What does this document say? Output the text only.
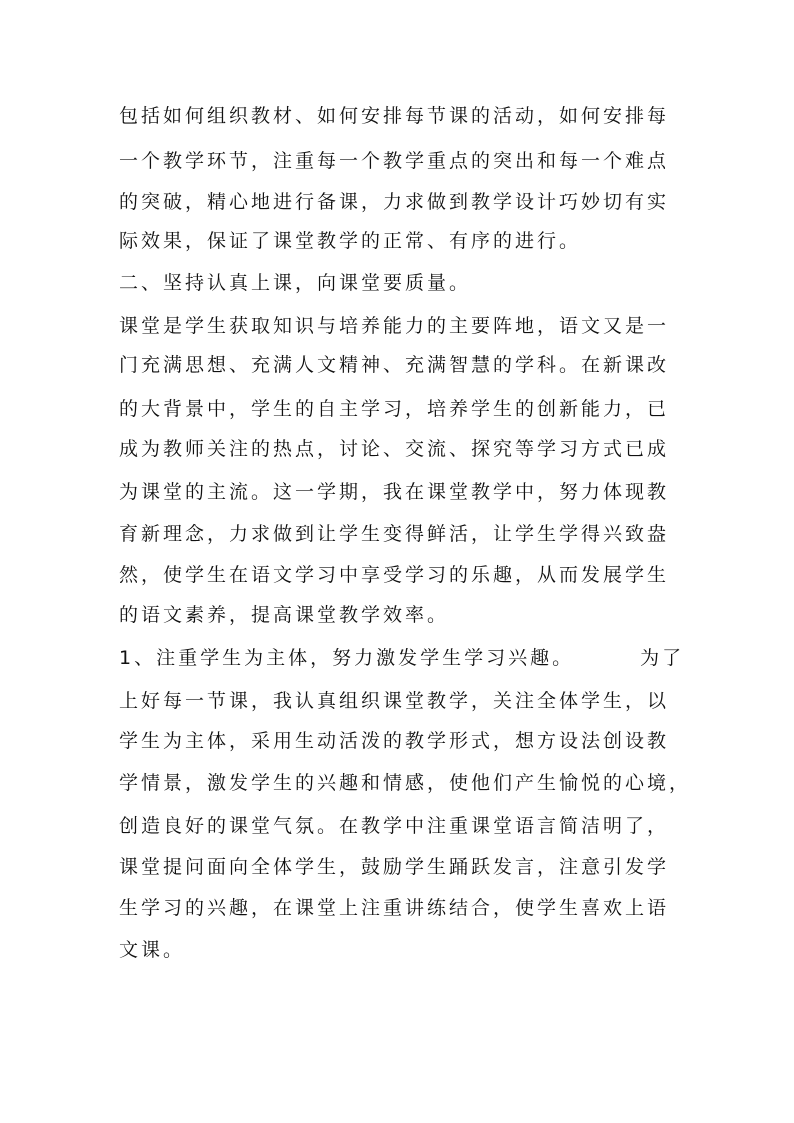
包括如何组织教材、如何安排每节课的活动，如何安排每
一个教学环节，注重每一个教学重点的突出和每一个难点
的突破，精心地进行备课，力求做到教学设计巧妙切有实
际效果，保证了课堂教学的正常、有序的进行。
二、坚持认真上课，向课堂要质量。
课堂是学生获取知识与培养能力的主要阵地，语文又是一
门充满思想、充满人文精神、充满智慧的学科。在新课改
的大背景中，学生的自主学习，培养学生的创新能力，已
成为教师关注的热点，讨论、交流、探究等学习方式已成
为课堂的主流。这一学期，我在课堂教学中，努力体现教
育新理念，力求做到让学生变得鲜活，让学生学得兴致盎
然，使学生在语文学习中享受学习的乐趣，从而发展学生
的语文素养，提高课堂教学效率。
1、注重学生为主体，努力激发学生学习兴趣。	为了
上好每一节课，我认真组织课堂教学，关注全体学生，以
学生为主体，采用生动活泼的教学形式，想方设法创设教
学情景，激发学生的兴趣和情感，使他们产生愉悦的心境，
创造良好的课堂气氛。在教学中注重课堂语言简洁明了，
课堂提问面向全体学生，鼓励学生踊跃发言，注意引发学
生学习的兴趣，在课堂上注重讲练结合，使学生喜欢上语
文课。
